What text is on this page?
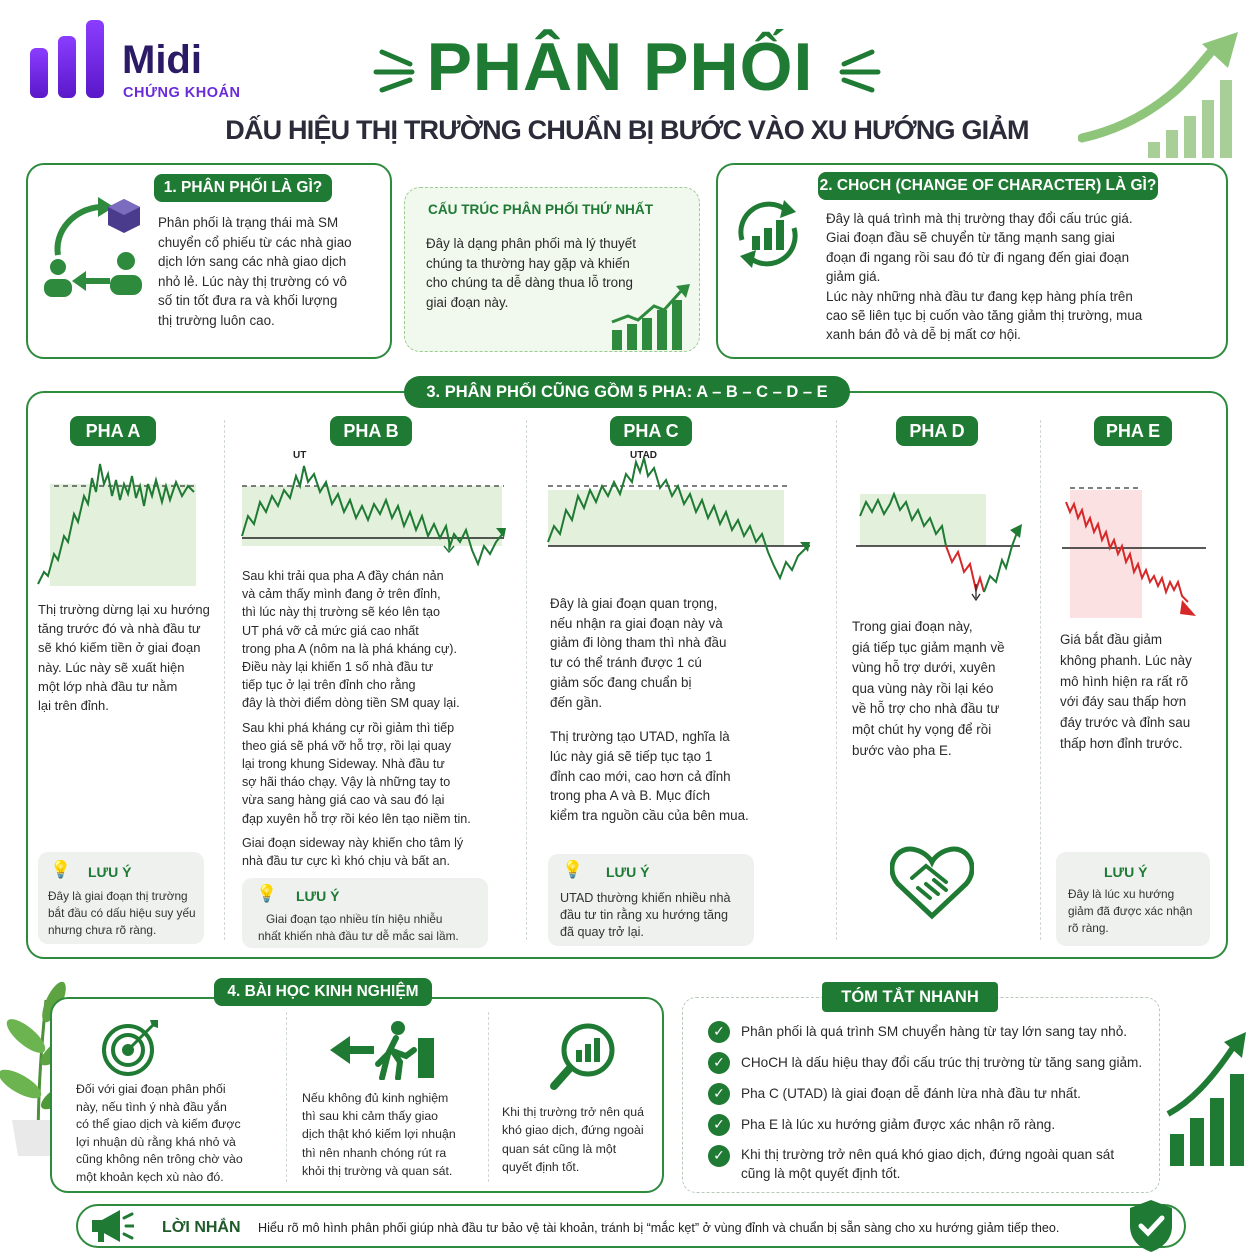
Midi
CHỨNG KHOÁN	PHÂN PHỐI
DẤU HIỆU THỊ TRƯỜNG CHUẨN BỊ BƯỚC VÀO XU HƯỚNG GIẢM
1. PHÂN PHỐI LÀ GÌ?
Phân phối là trạng thái mà SM
chuyển cổ phiếu từ các nhà giao
dịch lớn sang các nhà giao dịch
nhỏ lẻ. Lúc này thị trường có vô
số tin tốt đưa ra và khối lượng
thị trường luôn cao.
CẤU TRÚC PHÂN PHỐI THỨ NHẤT
Đây là dạng phân phối mà lý thuyết
chúng ta thường hay gặp và khiến
cho chúng ta dễ dàng thua lỗ trong
giai đoạn này.
2. CHoCH (CHANGE OF CHARACTER) LÀ GÌ?
Đây là quá trình mà thị trường thay đổi cấu trúc giá.
Giai đoạn đầu sẽ chuyển từ tăng mạnh sang giai
đoạn đi ngang rồi sau đó từ đi ngang đến giai đoạn
giảm giá.
Lúc này những nhà đầu tư đang kẹp hàng phía trên
cao sẽ liên tục bị cuốn vào tăng giảm thị trường, mua
xanh bán đỏ và dễ bị mất cơ hội.
3. PHÂN PHỐI CŨNG GỒM 5 PHA: A – B – C – D – E
PHA A	PHA B	PHA C	PHA D	PHA E
UT	UTAD
Thị trường dừng lại xu hướng
tăng trước đó và nhà đầu tư
sẽ khó kiếm tiền ở giai đoạn
này. Lúc này sẽ xuất hiện
một lớp nhà đầu tư nằm
lại trên đỉnh.
Sau khi trải qua pha A đầy chán nản
và cảm thấy mình đang ở trên đỉnh,
thì lúc này thị trường sẽ kéo lên tạo
UT phá vỡ cả mức giá cao nhất
trong pha A (nôm na là phá kháng cự).
Điều này lại khiến 1 số nhà đầu tư
tiếp tục ở lại trên đỉnh cho rằng
đây là thời điểm dòng tiền SM quay lại.
Sau khi phá kháng cự rồi giảm thì tiếp
theo giá sẽ phá vỡ hỗ trợ, rồi lại quay
lại trong khung Sideway. Nhà đầu tư
sợ hãi tháo chạy. Vậy là những tay to
vừa sang hàng giá cao và sau đó lại
đạp xuyên hỗ trợ rồi kéo lên tạo niềm tin.
Giai đoạn sideway này khiến cho tâm lý
nhà đầu tư cực kì khó chịu và bất an.
Đây là giai đoạn quan trọng,
nếu nhận ra giai đoạn này và
giảm đi lòng tham thì nhà đầu
tư có thể tránh được 1 cú
giảm sốc đang chuẩn bị
đến gần.
Thị trường tạo UTAD, nghĩa là
lúc này giá sẽ tiếp tục tạo 1
đỉnh cao mới, cao hơn cả đỉnh
trong pha A và B. Mục đích
kiểm tra nguồn cầu của bên mua.
Trong giai đoạn này,
giá tiếp tục giảm mạnh về
vùng hỗ trợ dưới, xuyên
qua vùng này rồi lại kéo
về hỗ trợ cho nhà đầu tư
một chút hy vọng để rồi
bước vào pha E.
Giá bắt đầu giảm
không phanh. Lúc này
mô hình hiện ra rất rõ
với đáy sau thấp hơn
đáy trước và đỉnh sau
thấp hơn đỉnh trước.
💡 LƯU Ý
Đây là giai đoạn thị trường
bắt đầu có dấu hiệu suy yếu
nhưng chưa rõ ràng.
💡 LƯU Ý
Giai đoạn tạo nhiều tín hiệu nhiễu
nhất khiến nhà đầu tư dễ mắc sai lầm.
💡 LƯU Ý
UTAD thường khiến nhiều nhà
đầu tư tin rằng xu hướng tăng
đã quay trở lại.
LƯU Ý
Đây là lúc xu hướng
giảm đã được xác nhận
rõ ràng.
4. BÀI HỌC KINH NGHIỆM
Đối với giai đoạn phân phối
này, nếu tình ý nhà đầu yắn
có thể giao dịch và kiếm được
lợi nhuận dù rằng khá nhỏ và
cũng không nên trông chờ vào
một khoản kẹch xù nào đó.
Nếu không đủ kinh nghiệm
thì sau khi cảm thấy giao
dịch thật khó kiếm lợi nhuận
thì nên nhanh chóng rút ra
khỏi thị trường và quan sát.
Khi thị trường trở nên quá
khó giao dịch, đứng ngoài
quan sát cũng là một
quyết định tốt.
TÓM TẮT NHANH
✓	Phân phối là quá trình SM chuyển hàng từ tay lớn sang tay nhỏ.
✓	CHoCH là dấu hiệu thay đổi cấu trúc thị trường từ tăng sang giảm.
✓	Pha C (UTAD) là giai đoạn dễ đánh lừa nhà đầu tư nhất.
✓	Pha E là lúc xu hướng giảm được xác nhận rõ ràng.
✓	Khi thị trường trở nên quá khó giao dịch, đứng ngoài quan sát
cũng là một quyết định tốt.
LỜI NHẮN Hiểu rõ mô hình phân phối giúp nhà đầu tư bảo vệ tài khoản, tránh bị “mắc kẹt” ở vùng đỉnh và chuẩn bị sẵn sàng cho xu hướng giảm tiếp theo.
